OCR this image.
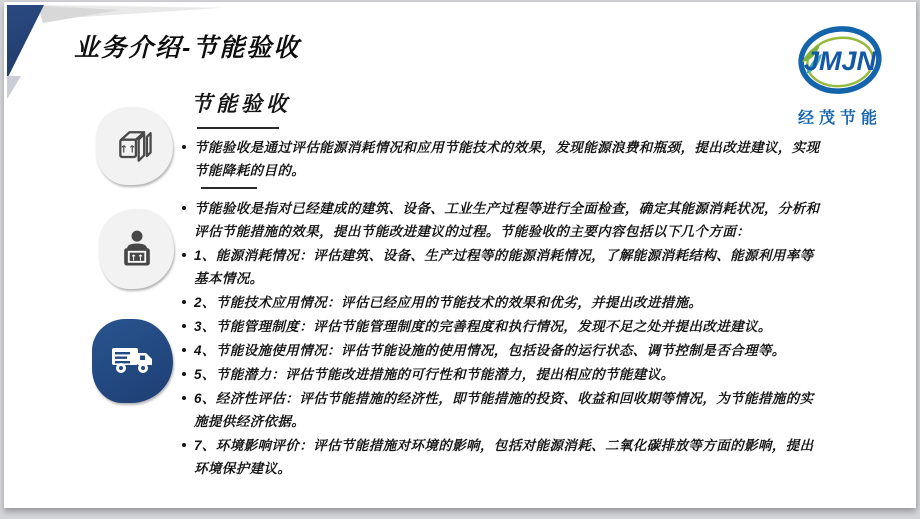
业务介绍-节能验收	JMJN
经茂节能
↑↑
↑↑
节能验收
节能验收是通过评估能源消耗情况和应用节能技术的效果，发现能源浪费和瓶颈，提出改进建议，实现节能降耗的目的。
节能验收是指对已经建成的建筑、设备、工业生产过程等进行全面检查，确定其能源消耗状况，分析和评估节能措施的效果，提出节能改进建议的过程。节能验收的主要内容包括以下几个方面：
1、能源消耗情况：评估建筑、设备、生产过程等的能源消耗情况，了解能源消耗结构、能源利用率等基本情况。
2、节能技术应用情况：评估已经应用的节能技术的效果和优劣，并提出改进措施。
3、节能管理制度：评估节能管理制度的完善程度和执行情况，发现不足之处并提出改进建议。
4、节能设施使用情况：评估节能设施的使用情况，包括设备的运行状态、调节控制是否合理等。
5、节能潜力：评估节能改进措施的可行性和节能潜力，提出相应的节能建议。
6、经济性评估：评估节能措施的经济性，即节能措施的投资、收益和回收期等情况，为节能措施的实施提供经济依据。
7、环境影响评价：评估节能措施对环境的影响，包括对能源消耗、二氧化碳排放等方面的影响，提出环境保护建议。
